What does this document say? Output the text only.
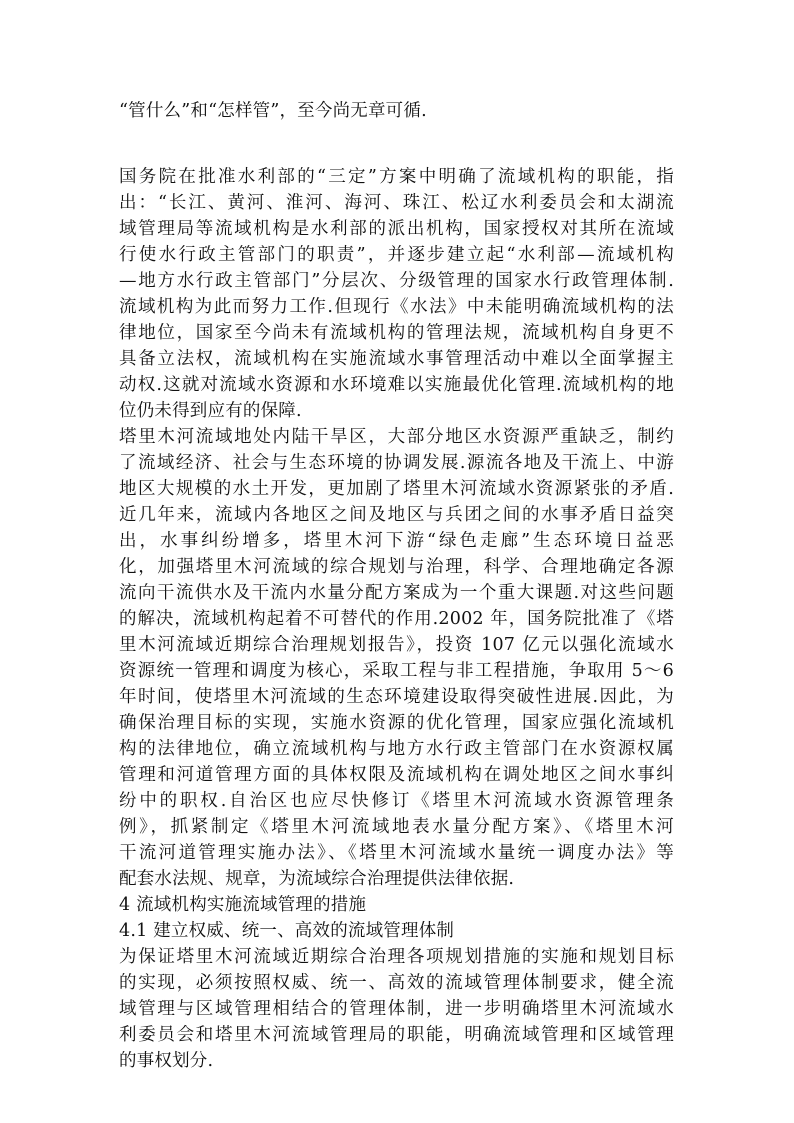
“管什么”和“怎样管”，至今尚无章可循.
国务院在批准水利部的“三定”方案中明确了流域机构的职能，指
出：“长江、黄河、淮河、海河、珠江、松辽水利委员会和太湖流
域管理局等流域机构是水利部的派出机构，国家授权对其所在流域
行使水行政主管部门的职责”，并逐步建立起“水利部—流域机构
—地方水行政主管部门”分层次、分级管理的国家水行政管理体制.
流域机构为此而努力工作.但现行《水法》中未能明确流域机构的法
律地位，国家至今尚未有流域机构的管理法规，流域机构自身更不
具备立法权，流域机构在实施流域水事管理活动中难以全面掌握主
动权.这就对流域水资源和水环境难以实施最优化管理.流域机构的地
位仍未得到应有的保障.
塔里木河流域地处内陆干旱区，大部分地区水资源严重缺乏，制约
了流域经济、社会与生态环境的协调发展.源流各地及干流上、中游
地区大规模的水土开发，更加剧了塔里木河流域水资源紧张的矛盾.
近几年来，流域内各地区之间及地区与兵团之间的水事矛盾日益突
出，水事纠纷增多，塔里木河下游“绿色走廊”生态环境日益恶
化，加强塔里木河流域的综合规划与治理，科学、合理地确定各源
流向干流供水及干流内水量分配方案成为一个重大课题.对这些问题
的解决，流域机构起着不可替代的作用.2002 年，国务院批准了《塔
里木河流域近期综合治理规划报告》，投资 107 亿元以强化流域水
资源统一管理和调度为核心，采取工程与非工程措施，争取用 5～6
年时间，使塔里木河流域的生态环境建设取得突破性进展.因此，为
确保治理目标的实现，实施水资源的优化管理，国家应强化流域机
构的法律地位，确立流域机构与地方水行政主管部门在水资源权属
管理和河道管理方面的具体权限及流域机构在调处地区之间水事纠
纷中的职权.自治区也应尽快修订《塔里木河流域水资源管理条
例》，抓紧制定《塔里木河流域地表水量分配方案》、《塔里木河
干流河道管理实施办法》、《塔里木河流域水量统一调度办法》等
配套水法规、规章，为流域综合治理提供法律依据.
4 流域机构实施流域管理的措施
4.1 建立权威、统一、高效的流域管理体制
为保证塔里木河流域近期综合治理各项规划措施的实施和规划目标
的实现，必须按照权威、统一、高效的流域管理体制要求，健全流
域管理与区域管理相结合的管理体制，进一步明确塔里木河流域水
利委员会和塔里木河流域管理局的职能，明确流域管理和区域管理
的事权划分.
